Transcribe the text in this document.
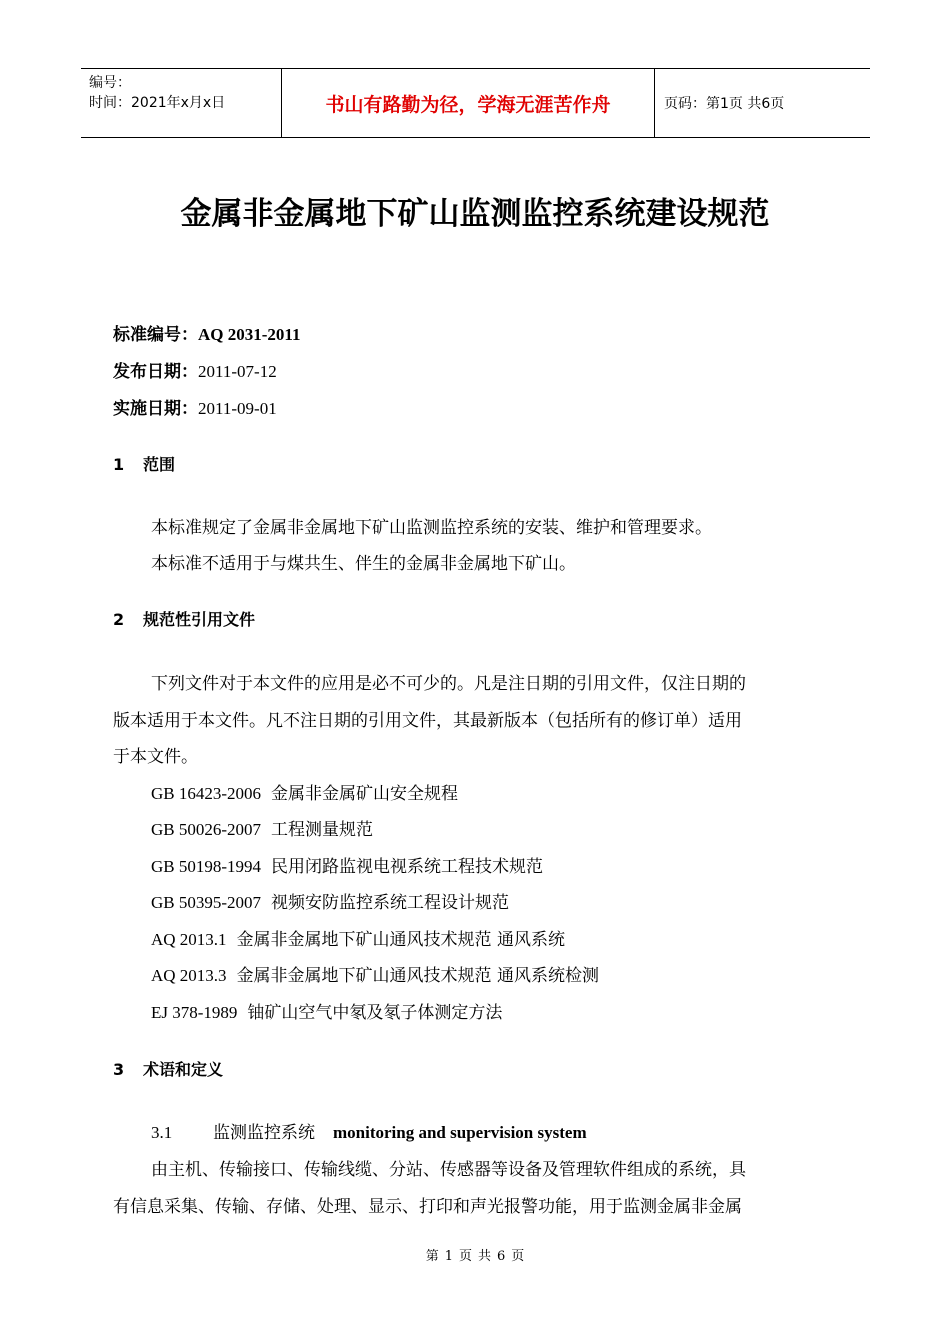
编号：
时间：2021年x月x日	书山有路勤为径，学海无涯苦作舟	页码：第1页 共6页
金属非金属地下矿山监测监控系统建设规范
标准编号：AQ 2031-2011
发布日期：2011-07-12
实施日期：2011-09-01
1 范围
本标准规定了金属非金属地下矿山监测监控系统的安装、维护和管理要求。
本标准不适用于与煤共生、伴生的金属非金属地下矿山。
2 规范性引用文件
下列文件对于本文件的应用是必不可少的。凡是注日期的引用文件，仅注日期的
版本适用于本文件。凡不注日期的引用文件，其最新版本（包括所有的修订单）适用
于本文件。
GB 16423-2006 金属非金属矿山安全规程
GB 50026-2007 工程测量规范
GB 50198-1994 民用闭路监视电视系统工程技术规范
GB 50395-2007 视频安防监控系统工程设计规范
AQ 2013.1 金属非金属地下矿山通风技术规范 通风系统
AQ 2013.3 金属非金属地下矿山通风技术规范 通风系统检测
EJ 378-1989 铀矿山空气中氡及氡子体测定方法
3 术语和定义
3.1 监测监控系统 monitoring and supervision system
由主机、传输接口、传输线缆、分站、传感器等设备及管理软件组成的系统，具
有信息采集、传输、存储、处理、显示、打印和声光报警功能，用于监测金属非金属
第 1 页 共 6 页
